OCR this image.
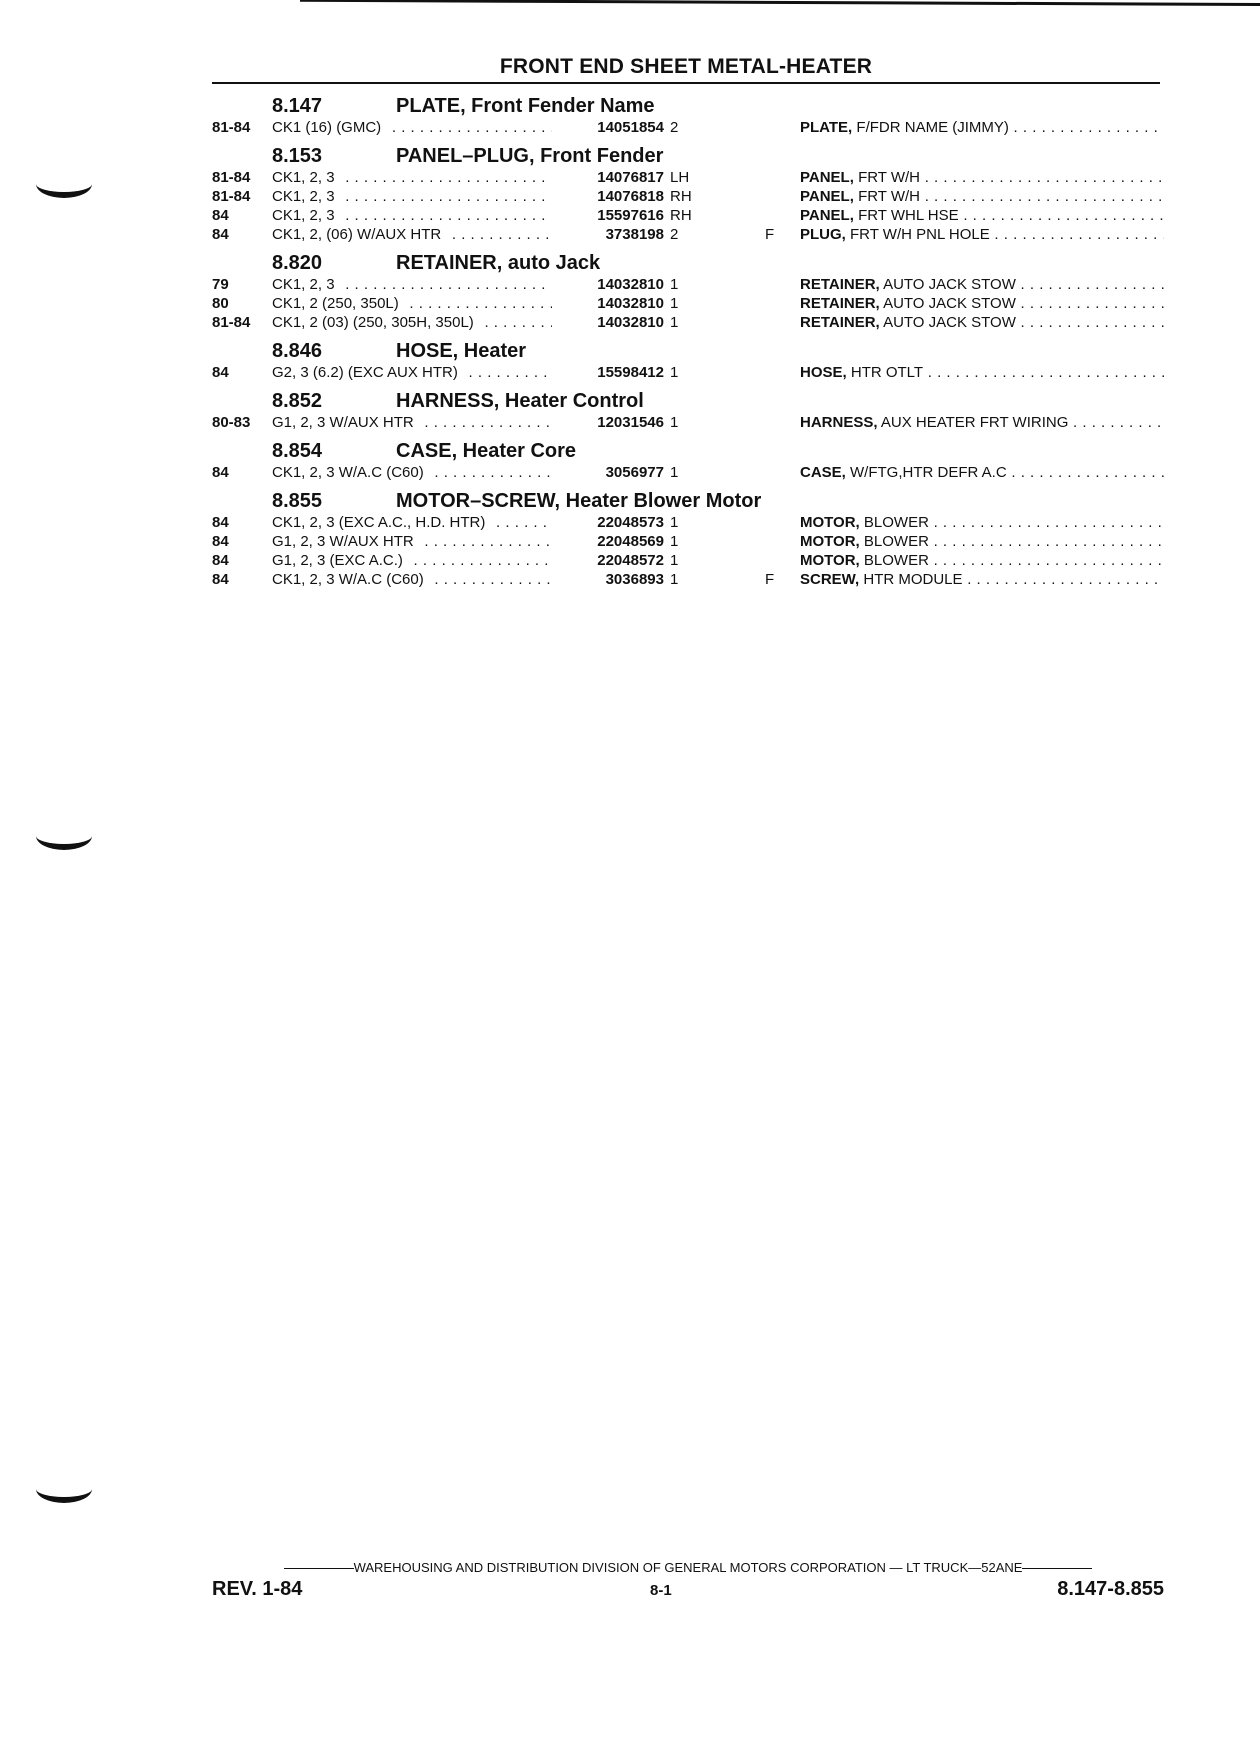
FRONT END SHEET METAL-HEATER
8.147	PLATE, Front Fender Name
81-84 CK1 (16) (GMC) . . .	14051854 2	PLATE, F/FDR NAME (JIMMY) . . .
8.153	PANEL–PLUG, Front Fender
81-84 CK1, 2, 3 . . .	14076817 LH	PANEL, FRT W/H . . .
81-84 CK1, 2, 3 . . .	14076818 RH	PANEL, FRT W/H . . .
84	CK1, 2, 3 . . .	15597616 RH	PANEL, FRT WHL HSE . . .
84	CK1, 2, (06) W/AUX HTR . . .	3738198 2	F PLUG, FRT W/H PNL HOLE . . .
8.820	RETAINER, auto Jack
79	CK1, 2, 3 . . .	14032810 1	RETAINER, AUTO JACK STOW . . .
80	CK1, 2 (250, 350L) . . .	14032810 1	RETAINER, AUTO JACK STOW . . .
81-84 CK1, 2 (03) (250, 305H, 350L) . . .	14032810 1	RETAINER, AUTO JACK STOW . . .
8.846	HOSE, Heater
84	G2, 3 (6.2) (EXC AUX HTR) . . .	15598412 1	HOSE, HTR OTLT . . .
8.852	HARNESS, Heater Control
80-83 G1, 2, 3 W/AUX HTR . . .	12031546 1	HARNESS, AUX HEATER FRT WIRING . . .
8.854	CASE, Heater Core
84	CK1, 2, 3 W/A.C (C60) . . .	3056977 1	CASE, W/FTG,HTR DEFR A.C . . .
8.855	MOTOR–SCREW, Heater Blower Motor
84	CK1, 2, 3 (EXC A.C., H.D. HTR) . . .	22048573 1	MOTOR, BLOWER . . .
84	G1, 2, 3 W/AUX HTR . . .	22048569 1	MOTOR, BLOWER . . .
84	G1, 2, 3 (EXC A.C.) . . .	22048572 1	MOTOR, BLOWER . . .
84	CK1, 2, 3 W/A.C (C60) . . .	3036893 1	F SCREW, HTR MODULE . . .
WAREHOUSING AND DISTRIBUTION DIVISION OF GENERAL MOTORS CORPORATION — LT TRUCK—52ANE
REV. 1-84	8-1	8.147-8.855
